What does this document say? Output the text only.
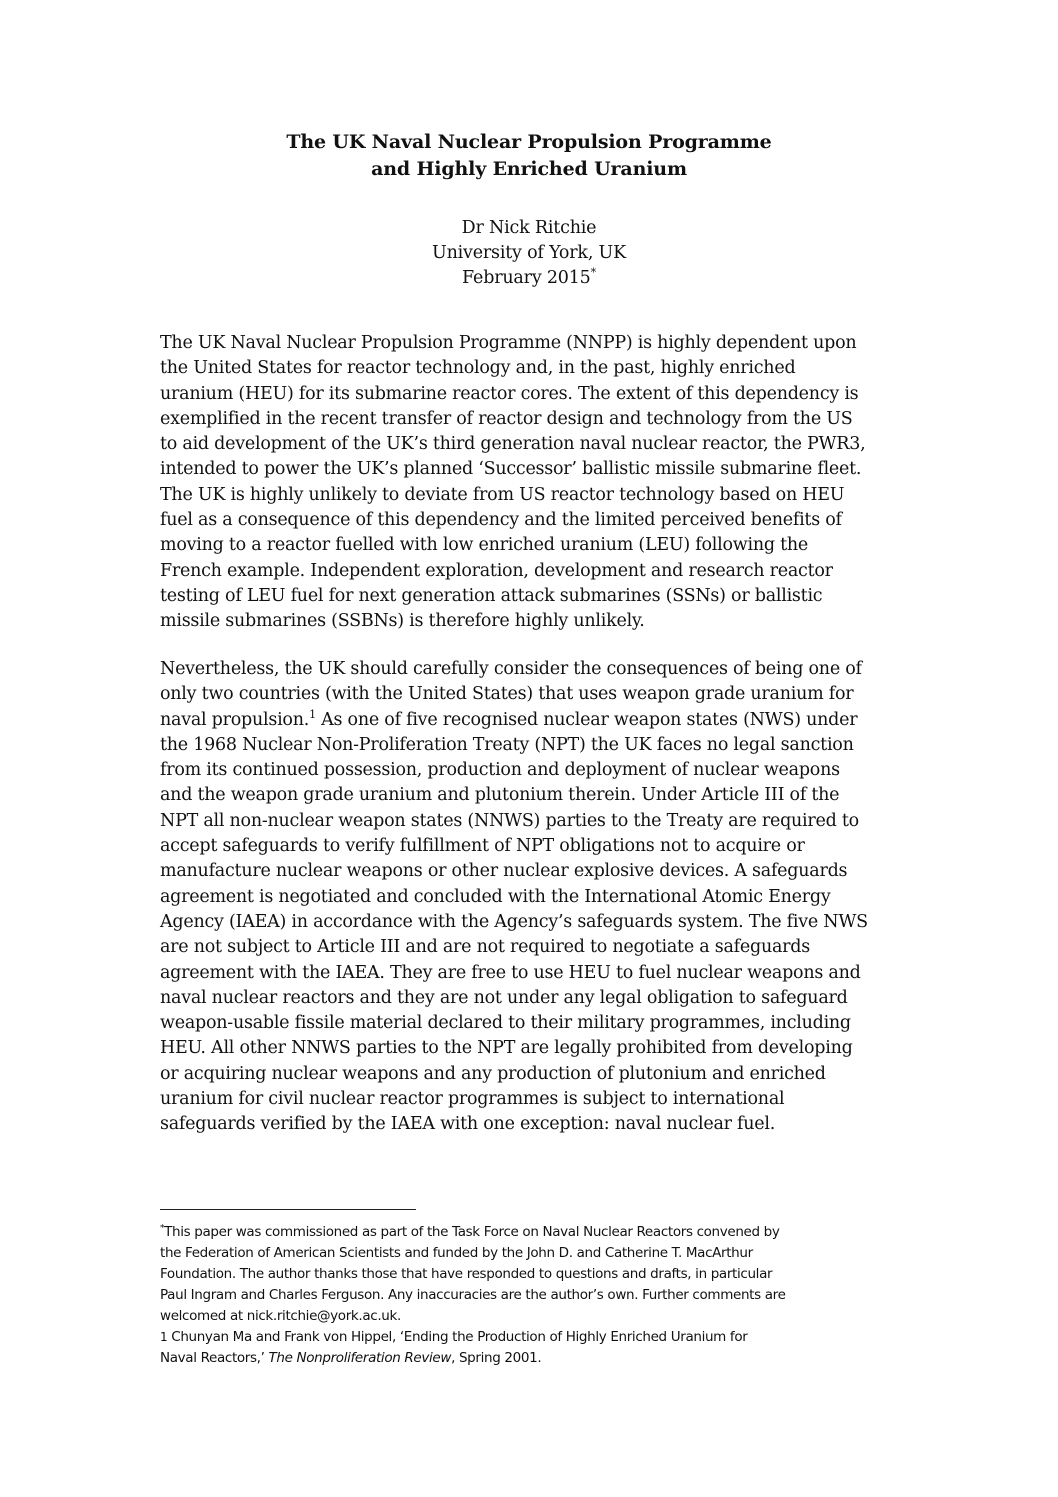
The UK Naval Nuclear Propulsion Programme
and Highly Enriched Uranium
Dr Nick Ritchie
University of York, UK
February 2015*

The UK Naval Nuclear Propulsion Programme (NNPP) is highly dependent upon
the United States for reactor technology and, in the past, highly enriched
uranium (HEU) for its submarine reactor cores. The extent of this dependency is
exemplified in the recent transfer of reactor design and technology from the US
to aid development of the UK’s third generation naval nuclear reactor, the PWR3,
intended to power the UK’s planned ‘Successor’ ballistic missile submarine fleet.
The UK is highly unlikely to deviate from US reactor technology based on HEU
fuel as a consequence of this dependency and the limited perceived benefits of
moving to a reactor fuelled with low enriched uranium (LEU) following the
French example. Independent exploration, development and research reactor
testing of LEU fuel for next generation attack submarines (SSNs) or ballistic
missile submarines (SSBNs) is therefore highly unlikely.

Nevertheless, the UK should carefully consider the consequences of being one of
only two countries (with the United States) that uses weapon grade uranium for
naval propulsion.$^1$ As one of five recognised nuclear weapon states (NWS) under
the 1968 Nuclear Non-Proliferation Treaty (NPT) the UK faces no legal sanction
from its continued possession, production and deployment of nuclear weapons
and the weapon grade uranium and plutonium therein. Under Article III of the
NPT all non-nuclear weapon states (NNWS) parties to the Treaty are required to
accept safeguards to verify fulfillment of NPT obligations not to acquire or
manufacture nuclear weapons or other nuclear explosive devices. A safeguards
agreement is negotiated and concluded with the International Atomic Energy
Agency (IAEA) in accordance with the Agency’s safeguards system. The five NWS
are not subject to Article III and are not required to negotiate a safeguards
agreement with the IAEA. They are free to use HEU to fuel nuclear weapons and
naval nuclear reactors and they are not under any legal obligation to safeguard
weapon-usable fissile material declared to their military programmes, including
HEU. All other NNWS parties to the NPT are legally prohibited from developing
or acquiring nuclear weapons and any production of plutonium and enriched
uranium for civil nuclear reactor programmes is subject to international
safeguards verified by the IAEA with one exception: naval nuclear fuel.

*This paper was commissioned as part of the Task Force on Naval Nuclear Reactors convened by
the Federation of American Scientists and funded by the John D. and Catherine T. MacArthur
Foundation. The author thanks those that have responded to questions and drafts, in particular
Paul Ingram and Charles Ferguson. Any inaccuracies are the author’s own. Further comments are
welcomed at nick.ritchie@york.ac.uk.
1 Chunyan Ma and Frank von Hippel, ‘Ending the Production of Highly Enriched Uranium for
Naval Reactors,’ The Nonproliferation Review, Spring 2001.
